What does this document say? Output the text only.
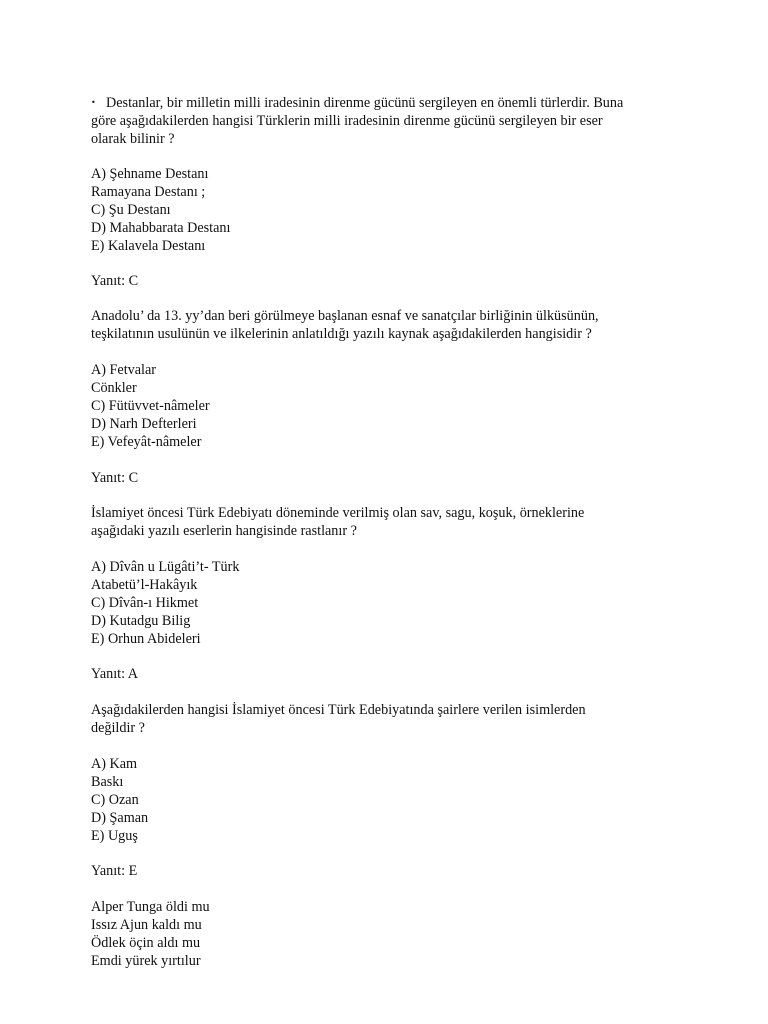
• Destanlar, bir milletin milli iradesinin direnme gücünü sergileyen en önemli türlerdir. Buna
göre aşağıdakilerden hangisi Türklerin milli iradesinin direnme gücünü sergileyen bir eser
olarak bilinir ?
A) Şehname Destanı
Ramayana Destanı ;
C) Şu Destanı
D) Mahabbarata Destanı
E) Kalavela Destanı
Yanıt: C
Anadolu’ da 13. yy’dan beri görülmeye başlanan esnaf ve sanatçılar birliğinin ülküsünün,
teşkilatının usulünün ve ilkelerinin anlatıldığı yazılı kaynak aşağıdakilerden hangisidir ?
A) Fetvalar
Cönkler
C) Fütüvvet-nâmeler
D) Narh Defterleri
E) Vefeyât-nâmeler
Yanıt: C
İslamiyet öncesi Türk Edebiyatı döneminde verilmiş olan sav, sagu, koşuk, örneklerine
aşağıdaki yazılı eserlerin hangisinde rastlanır ?
A) Dîvân u Lügâti’t- Türk
Atabetü’l-Hakâyık
C) Dîvân-ı Hikmet
D) Kutadgu Bilig
E) Orhun Abideleri
Yanıt: A
Aşağıdakilerden hangisi İslamiyet öncesi Türk Edebiyatında şairlere verilen isimlerden
değildir ?
A) Kam
Baskı
C) Ozan
D) Şaman
E) Uguş
Yanıt: E
Alper Tunga öldi mu
Issız Ajun kaldı mu
Ödlek öçin aldı mu
Emdi yürek yırtılur
